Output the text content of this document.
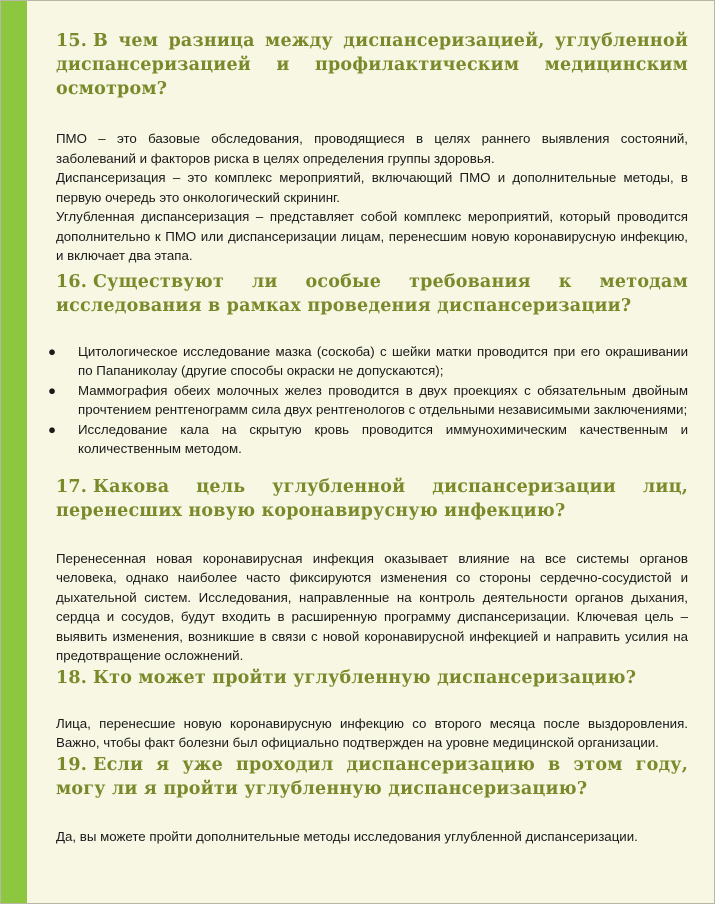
15. В чем разница между диспансеризацией, углубленной диспансеризацией и профилактическим медицинским осмотром?

ПМО – это базовые обследования, проводящиеся в целях раннего выявления состояний, заболеваний и факторов риска в целях определения группы здоровья.

Диспансеризация – это комплекс мероприятий, включающий ПМО и дополнительные методы, в первую очередь это онкологический скрининг.

Углубленная диспансеризация – представляет собой комплекс мероприятий, который проводится дополнительно к ПМО или диспансеризации лицам, перенесшим новую коронавирусную инфекцию, и включает два этапа.

16. Существуют ли особые требования к методам исследования в рамках проведения диспансеризации?
● Цитологическое исследование мазка (соскоба) с шейки матки проводится при его окрашивании по Папаниколау (другие способы окраски не допускаются);
● Маммография обеих молочных желез проводится в двух проекциях с обязательным двойным прочтением рентгенограмм сила двух рентгенологов с отдельными независимыми заключениями;
● Исследование кала на скрытую кровь проводится иммунохимическим качественным и количественным методом.
17. Какова цель углубленной диспансеризации лиц, перенесших новую коронавирусную инфекцию?

Перенесенная новая коронавирусная инфекция оказывает влияние на все системы органов человека, однако наиболее часто фиксируются изменения со стороны сердечно-сосудистой и дыхательной систем. Исследования, направленные на контроль деятельности органов дыхания, сердца и сосудов, будут входить в расширенную программу диспансеризации. Ключевая цель – выявить изменения, возникшие в связи с новой коронавирусной инфекцией и направить усилия на предотвращение осложнений.

18. Кто может пройти углубленную диспансеризацию?

Лица, перенесшие новую коронавирусную инфекцию со второго месяца после выздоровления. Важно, чтобы факт болезни был официально подтвержден на уровне медицинской организации.

19. Если я уже проходил диспансеризацию в этом году, могу ли я пройти углубленную диспансеризацию?

Да, вы можете пройти дополнительные методы исследования углубленной диспансеризации.
